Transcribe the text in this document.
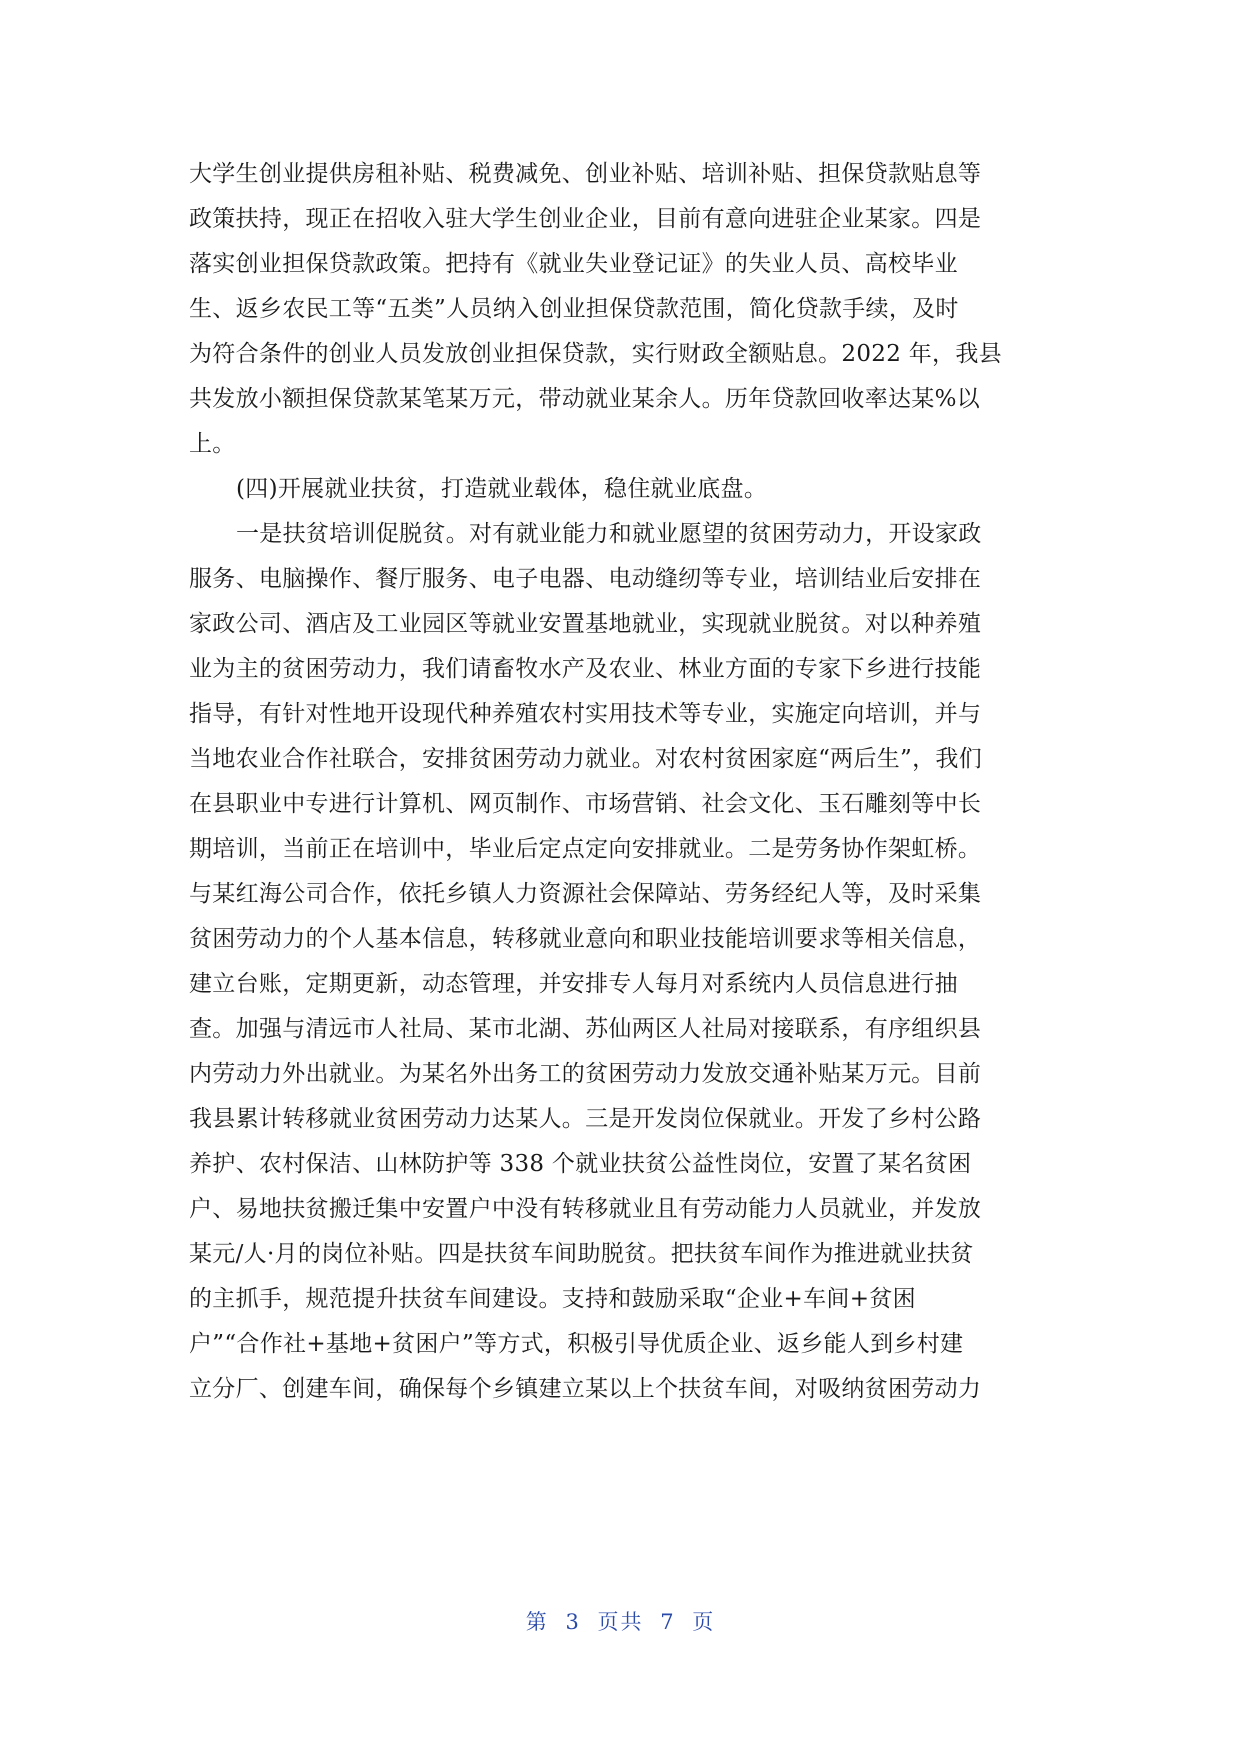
大学生创业提供房租补贴、税费减免、创业补贴、培训补贴、担保贷款贴息等
政策扶持，现正在招收入驻大学生创业企业，目前有意向进驻企业某家。四是
落实创业担保贷款政策。把持有《就业失业登记证》的失业人员、高校毕业
生、返乡农民工等“五类”人员纳入创业担保贷款范围，简化贷款手续，及时
为符合条件的创业人员发放创业担保贷款，实行财政全额贴息。2022 年，我县
共发放小额担保贷款某笔某万元，带动就业某余人。历年贷款回收率达某%以
上。
(四)开展就业扶贫，打造就业载体，稳住就业底盘。
一是扶贫培训促脱贫。对有就业能力和就业愿望的贫困劳动力，开设家政
服务、电脑操作、餐厅服务、电子电器、电动缝纫等专业，培训结业后安排在
家政公司、酒店及工业园区等就业安置基地就业，实现就业脱贫。对以种养殖
业为主的贫困劳动力，我们请畜牧水产及农业、林业方面的专家下乡进行技能
指导，有针对性地开设现代种养殖农村实用技术等专业，实施定向培训，并与
当地农业合作社联合，安排贫困劳动力就业。对农村贫困家庭“两后生”，我们
在县职业中专进行计算机、网页制作、市场营销、社会文化、玉石雕刻等中长
期培训，当前正在培训中，毕业后定点定向安排就业。二是劳务协作架虹桥。
与某红海公司合作，依托乡镇人力资源社会保障站、劳务经纪人等，及时采集
贫困劳动力的个人基本信息，转移就业意向和职业技能培训要求等相关信息，
建立台账，定期更新，动态管理，并安排专人每月对系统内人员信息进行抽
查。加强与清远市人社局、某市北湖、苏仙两区人社局对接联系，有序组织县
内劳动力外出就业。为某名外出务工的贫困劳动力发放交通补贴某万元。目前
我县累计转移就业贫困劳动力达某人。三是开发岗位保就业。开发了乡村公路
养护、农村保洁、山林防护等 338 个就业扶贫公益性岗位，安置了某名贫困
户、易地扶贫搬迁集中安置户中没有转移就业且有劳动能力人员就业，并发放
某元/人·月的岗位补贴。四是扶贫车间助脱贫。把扶贫车间作为推进就业扶贫
的主抓手，规范提升扶贫车间建设。支持和鼓励采取“企业+车间+贫困
户”“合作社+基地+贫困户”等方式，积极引导优质企业、返乡能人到乡村建
立分厂、创建车间，确保每个乡镇建立某以上个扶贫车间，对吸纳贫困劳动力
第 3 页共 7 页
